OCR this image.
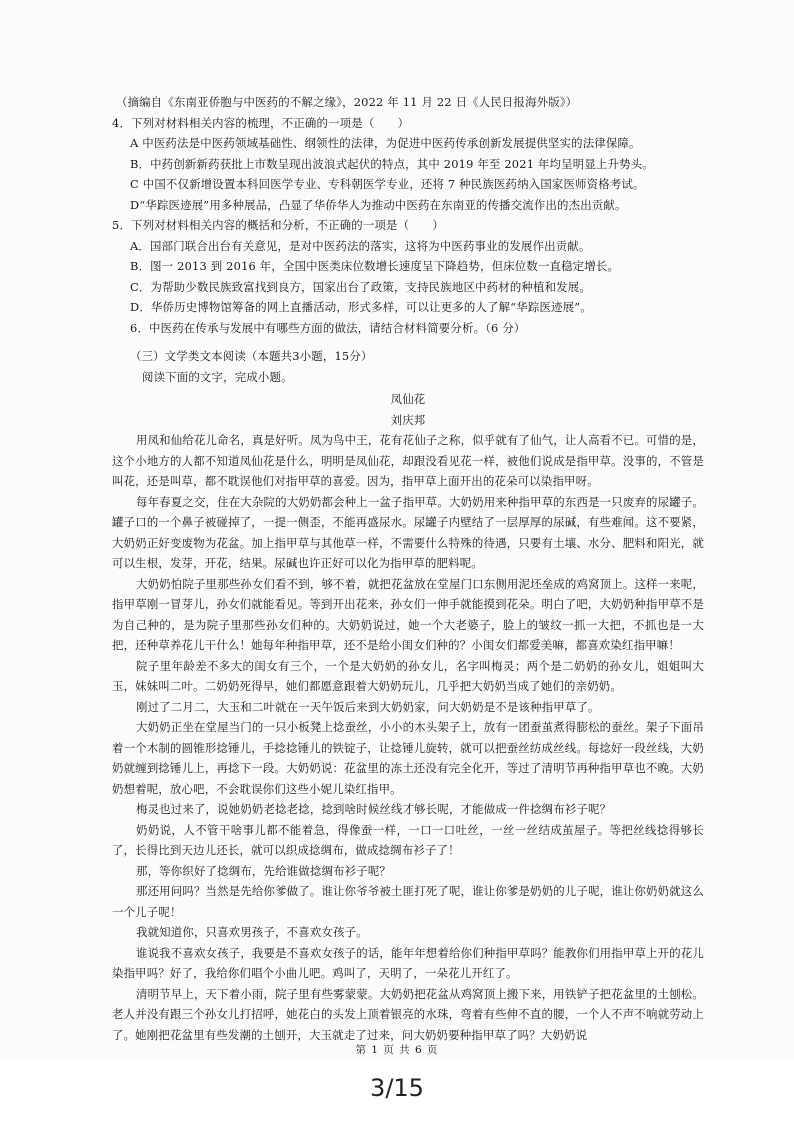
（摘编自《东南亚侨胞与中医药的不解之缘》，2022 年 11 月 22 日《人民日报海外版》）
4．下列对材料相关内容的梳理，不正确的一项是（　　）
A 中医药法是中医药领域基础性、纲领性的法律，为促进中医药传承创新发展提供坚实的法律保障。
B．中药创新新药获批上市数呈现出波浪式起伏的特点，其中 2019 年至 2021 年均呈明显上升势头。
C 中国不仅新增设置本科回医学专业、专科朝医学专业，还将 7 种民族医药纳入国家医师资格考试。
D“华踪医迹展”用多种展品，凸显了华侨华人为推动中医药在东南亚的传播交流作出的杰出贡献。
5．下列对材料相关内容的概括和分析，不正确的一项是（　　）
A．国部门联合出台有关意见，是对中医药法的落实，这将为中医药事业的发展作出贡献。
B．图一 2013 到 2016 年，全国中医类床位数增长速度呈下降趋势，但床位数一直稳定增长。
C．为帮助少数民族致富找到良方，国家出台了政策，支持民族地区中药材的种植和发展。
D．华侨历史博物馆筹备的网上直播活动，形式多样，可以让更多的人了解“华踪医迹展”。
6．中医药在传承与发展中有哪些方面的做法，请结合材料简要分析。（6 分）
（三）文学类文本阅读（本题共3小题，15分）
阅读下面的文字，完成小题。
凤仙花
刘庆邦
用凤和仙给花儿命名，真是好听。凤为鸟中王，花有花仙子之称，似乎就有了仙气，让人高看不已。可惜的是，这个小地方的人都不知道凤仙花是什么，明明是凤仙花，却跟没看见花一样，被他们说成是指甲草。没事的，不管是叫花，还是叫草，都不耽误他们对指甲草的喜爱。因为，指甲草上面开出的花朵可以染指甲呀。
每年春夏之交，住在大杂院的大奶奶都会种上一盆子指甲草。大奶奶用来种指甲草的东西是一只废弃的尿罐子。罐子口的一个鼻子被碰掉了，一提一侧歪，不能再盛尿水。尿罐子内壁结了一层厚厚的尿碱，有些难闻。这不要紧，大奶奶正好变废物为花盆。加上指甲草与其他草一样，不需要什么特殊的待遇，只要有土壤、水分、肥料和阳光，就可以生根，发芽，开花，结果。尿碱也许正好可以化为指甲草的肥料呢。
大奶奶怕院子里那些孙女们看不到，够不着，就把花盆放在堂屋门口东侧用泥坯垒成的鸡窝顶上。这样一来呢，指甲草刚一冒芽儿，孙女们就能看见。等到开出花来，孙女们一伸手就能摸到花朵。明白了吧，大奶奶种指甲草不是为自己种的，是为院子里那些孙女们种的。大奶奶说过，她一个大老婆子，脸上的皱纹一抓一大把，不抓也是一大把，还种草养花儿干什么！她每年种指甲草，还不是给小闺女们种的？小闺女们都爱美嘛，都喜欢染红指甲嘛！
院子里年龄差不多大的闺女有三个，一个是大奶奶的孙女儿，名字叫梅灵；两个是二奶奶的孙女儿，姐姐叫大玉，妹妹叫二叶。二奶奶死得早，她们都愿意跟着大奶奶玩儿，几乎把大奶奶当成了她们的亲奶奶。
刚过了二月二，大玉和二叶就在一天午饭后来到大奶奶家，问大奶奶是不是该种指甲草了。
大奶奶正坐在堂屋当门的一只小板凳上捻蚕丝，小小的木头架子上，放有一团蚕茧煮得膨松的蚕丝。架子下面吊着一个木制的圆锥形捻锤儿，手捻捻锤儿的铁锭子，让捻锤儿旋转，就可以把蚕丝纺成丝线。每捻好一段丝线，大奶奶就缠到捻锤儿上，再捻下一段。大奶奶说：花盆里的冻土还没有完全化开，等过了清明节再种指甲草也不晚。大奶奶想着呢，放心吧，不会耽误你们这些小妮儿染红指甲。
梅灵也过来了，说她奶奶老捻老捻，捻到啥时候丝线才够长呢，才能做成一件捻绸布衫子呢？
奶奶说，人不管干啥事儿都不能着急，得像蚕一样，一口一口吐丝，一丝一丝结成茧屋子。等把丝线捻得够长了，长得比到天边儿还长，就可以织成捻绸布，做成捻绸布衫子了！
那，等你织好了捻绸布，先给谁做捻绸布衫子呢？
那还用问吗？当然是先给你爹做了。谁让你爷爷被土匪打死了呢，谁让你爹是奶奶的儿子呢，谁让你奶奶就这么一个儿子呢！
我就知道你，只喜欢男孩子，不喜欢女孩子。
谁说我不喜欢女孩子，我要是不喜欢女孩子的话，能年年想着给你们种指甲草吗？能教你们用指甲草上开的花儿染指甲吗？好了，我给你们唱个小曲儿吧。鸡叫了，天明了，一朵花儿开红了。
清明节早上，天下着小雨，院子里有些雾蒙蒙。大奶奶把花盆从鸡窝顶上搬下来，用铁铲子把花盆里的土刨松。老人并没有跟三个孙女儿打招呼，她花白的头发上顶着银亮的水珠，弯着有些伸不直的腰，一个人不声不响就劳动上了。她刚把花盆里有些发潮的土刨开，大玉就走了过来，问大奶奶要种指甲草了吗？大奶奶说
第 1 页 共 6 页
3/15
